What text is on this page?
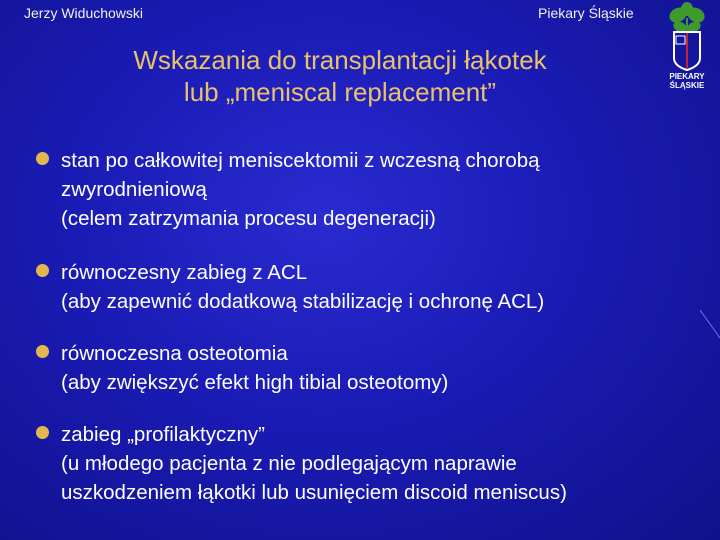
Jerzy Widuchowski	Piekary Śląskie
Wskazania do transplantacji łąkotek
lub „meniscal replacement”
PIEKARY
ŚLĄSKIE
stan po całkowitej meniscektomii z wczesną chorobą
zwyrodnieniową
(celem zatrzymania procesu degeneracji)
równoczesny zabieg z ACL
(aby zapewnić dodatkową stabilizację i ochronę ACL)
równoczesna osteotomia
(aby zwiększyć efekt high tibial osteotomy)
zabieg „profilaktyczny”
(u młodego pacjenta z nie podlegającym naprawie
uszkodzeniem łąkotki lub usunięciem discoid meniscus)
